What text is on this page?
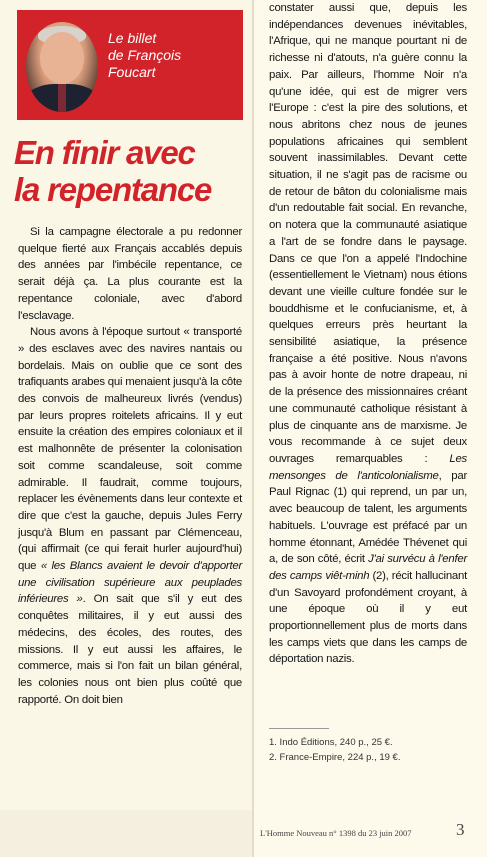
Le billet
de François
Foucart
En finir avec
la repentance

Si la campagne électorale a pu redonner quelque fierté aux Français accablés depuis des années par l'imbécile repentance, ce serait déjà ça. La plus courante est la repentance coloniale, avec d'abord l'esclavage.

Nous avons à l'époque surtout « transporté » des esclaves avec des navires nantais ou bordelais. Mais on oublie que ce sont des trafiquants arabes qui menaient jusqu'à la côte des convois de malheureux livrés (vendus) par leurs propres roitelets africains. Il y eut ensuite la création des empires coloniaux et il est malhonnête de présenter la colonisation soit comme scandaleuse, soit comme admirable. Il faudrait, comme toujours, replacer les évènements dans leur contexte et dire que c'est la gauche, depuis Jules Ferry jusqu'à Blum en passant par Clémenceau, (qui affirmait (ce qui ferait hurler aujourd'hui) que « les Blancs avaient le devoir d'apporter une civilisation supérieure aux peuplades inférieures ». On sait que s'il y eut des conquêtes militaires, il y eut aussi des médecins, des écoles, des routes, des missions. Il y eut aussi les affaires, le commerce, mais si l'on fait un bilan général, les colonies nous ont bien plus coûté que rapporté. On doit bien

constater aussi que, depuis les indépendances devenues inévitables, l'Afrique, qui ne manque pourtant ni de richesse ni d'atouts, n'a guère connu la paix. Par ailleurs, l'homme Noir n'a qu'une idée, qui est de migrer vers l'Europe : c'est la pire des solutions, et nous abritons chez nous de jeunes populations africaines qui semblent souvent inassimilables. Devant cette situation, il ne s'agit pas de racisme ou de retour de bâton du colonialisme mais d'un redoutable fait social. En revanche, on notera que la communauté asiatique a l'art de se fondre dans le paysage. Dans ce que l'on a appelé l'Indochine (essentiellement le Vietnam) nous étions devant une vieille culture fondée sur le bouddhisme et le confucianisme, et, à quelques erreurs près heurtant la sensibilité asiatique, la présence française a été positive. Nous n'avons pas à avoir honte de notre drapeau, ni de la présence des missionnaires créant une communauté catholique résistant à plus de cinquante ans de marxisme. Je vous recommande à ce sujet deux ouvrages remarquables : Les mensonges de l'anticolonialisme, par Paul Rignac (1) qui reprend, un par un, avec beaucoup de talent, les arguments habituels. L'ouvrage est préfacé par un homme étonnant, Amédée Thévenet qui a, de son côté, écrit J'ai survécu à l'enfer des camps viêt-minh (2), récit hallucinant d'un Savoyard profondément croyant, à une époque où il y eut proportionnellement plus de morts dans les camps viets que dans les camps de déportation nazis.

1. Indo Éditions, 240 p., 25 €.
2. France-Empire, 224 p., 19 €.
L'Homme Nouveau n° 1398 du 23 juin 2007	3
